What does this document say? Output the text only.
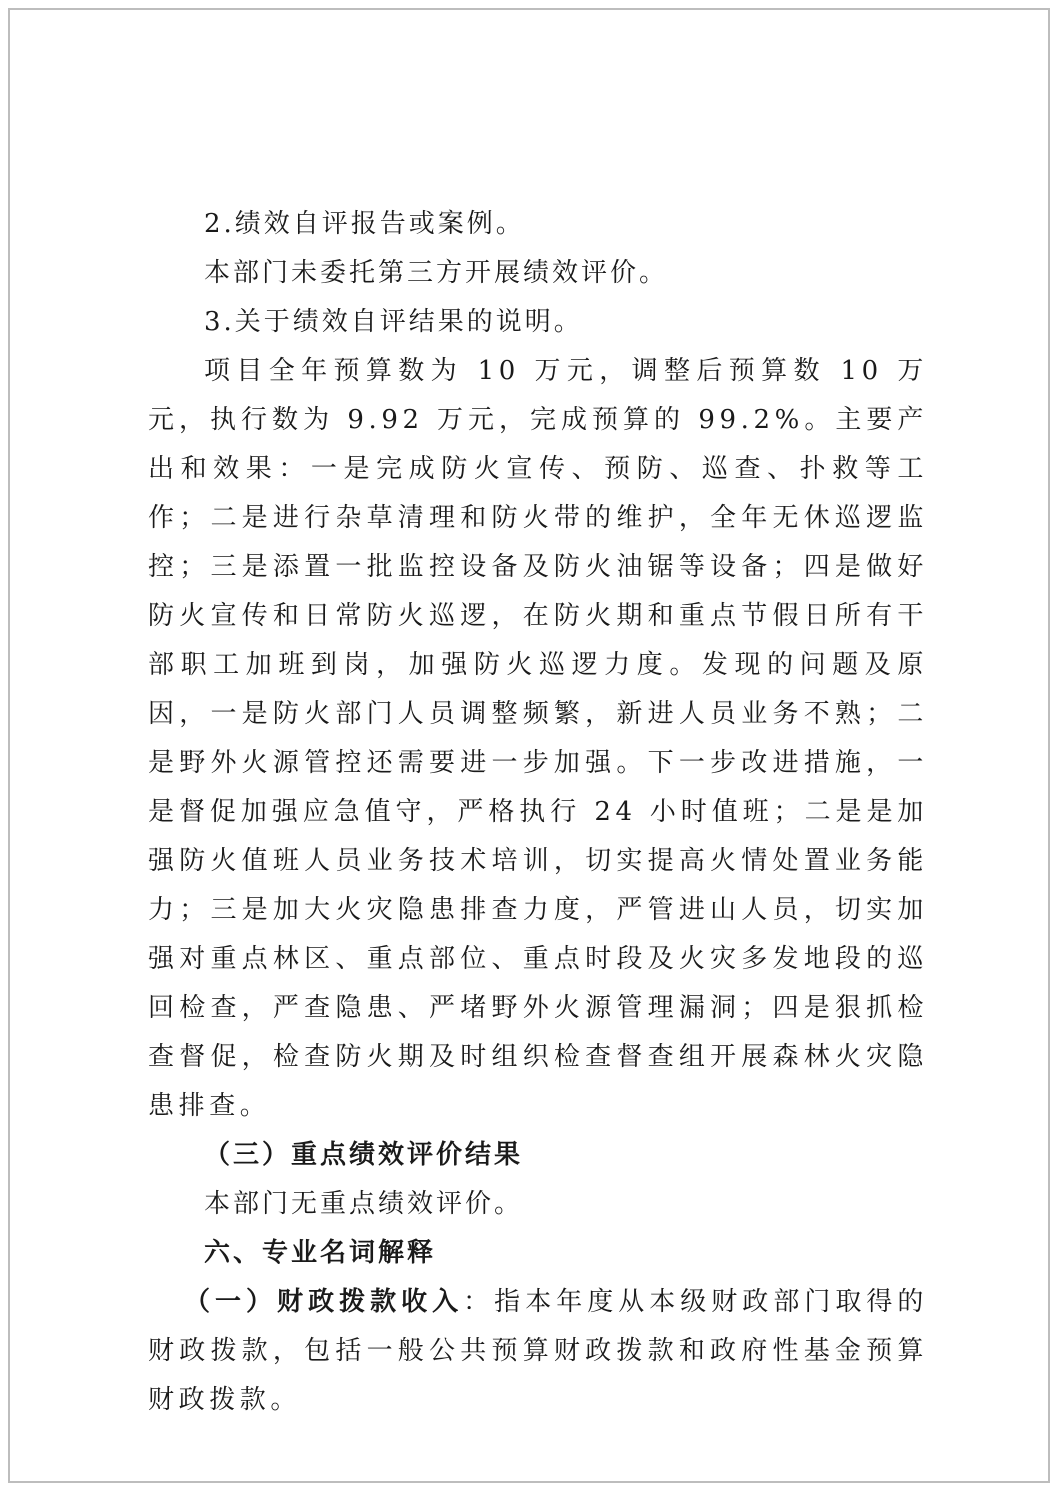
2.绩效自评报告或案例。

本部门未委托第三方开展绩效评价。

3.关于绩效自评结果的说明。

项目全年预算数为 10 万元，调整后预算数 10 万元，执行数为 9.92 万元，完成预算的 99.2%。主要产出和效果：一是完成防火宣传、预防、巡查、扑救等工作；二是进行杂草清理和防火带的维护，全年无休巡逻监控；三是添置一批监控设备及防火油锯等设备；四是做好防火宣传和日常防火巡逻，在防火期和重点节假日所有干部职工加班到岗，加强防火巡逻力度。发现的问题及原因，一是防火部门人员调整频繁，新进人员业务不熟；二是野外火源管控还需要进一步加强。下一步改进措施，一是督促加强应急值守，严格执行 24 小时值班；二是是加强防火值班人员业务技术培训，切实提高火情处置业务能力；三是加大火灾隐患排查力度，严管进山人员，切实加强对重点林区、重点部位、重点时段及火灾多发地段的巡回检查，严查隐患、严堵野外火源管理漏洞；四是狠抓检查督促，检查防火期及时组织检查督查组开展森林火灾隐患排查。

（三）重点绩效评价结果

本部门无重点绩效评价。

六、专业名词解释

（一）财政拨款收入：指本年度从本级财政部门取得的财政拨款，包括一般公共预算财政拨款和政府性基金预算财政拨款。
